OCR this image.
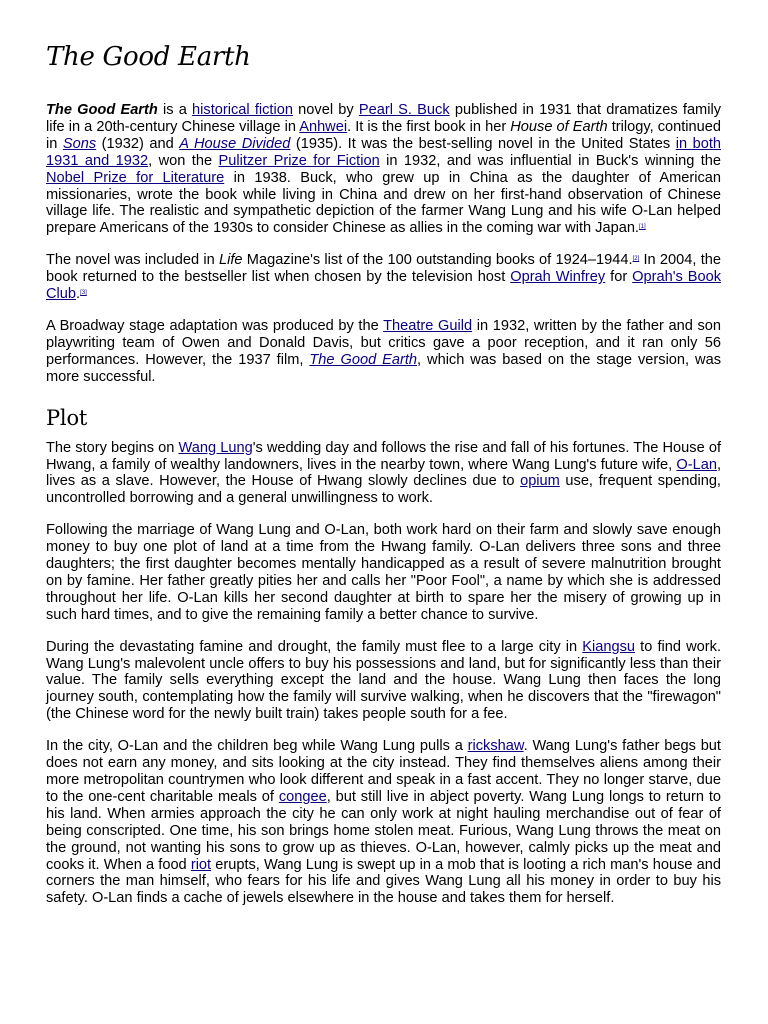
The Good Earth

The Good Earth is a historical fiction novel by Pearl S. Buck published in 1931 that dramatizes family life in a 20th-century Chinese village in Anhwei. It is the first book in her House of Earth trilogy, continued in Sons (1932) and A House Divided (1935). It was the best-selling novel in the United States in both 1931 and 1932, won the Pulitzer Prize for Fiction in 1932, and was influential in Buck's winning the Nobel Prize for Literature in 1938. Buck, who grew up in China as the daughter of American missionaries, wrote the book while living in China and drew on her first-hand observation of Chinese village life. The realistic and sympathetic depiction of the farmer Wang Lung and his wife O-Lan helped prepare Americans of the 1930s to consider Chinese as allies in the coming war with Japan.[1]

The novel was included in Life Magazine's list of the 100 outstanding books of 1924–1944.[2] In 2004, the book returned to the bestseller list when chosen by the television host Oprah Winfrey for Oprah's Book Club.[3]

A Broadway stage adaptation was produced by the Theatre Guild in 1932, written by the father and son playwriting team of Owen and Donald Davis, but critics gave a poor reception, and it ran only 56 performances. However, the 1937 film, The Good Earth, which was based on the stage version, was more successful.

Plot

The story begins on Wang Lung's wedding day and follows the rise and fall of his fortunes. The House of Hwang, a family of wealthy landowners, lives in the nearby town, where Wang Lung's future wife, O-Lan, lives as a slave. However, the House of Hwang slowly declines due to opium use, frequent spending, uncontrolled borrowing and a general unwillingness to work.

Following the marriage of Wang Lung and O-Lan, both work hard on their farm and slowly save enough money to buy one plot of land at a time from the Hwang family. O-Lan delivers three sons and three daughters; the first daughter becomes mentally handicapped as a result of severe malnutrition brought on by famine. Her father greatly pities her and calls her "Poor Fool", a name by which she is addressed throughout her life. O-Lan kills her second daughter at birth to spare her the misery of growing up in such hard times, and to give the remaining family a better chance to survive.

During the devastating famine and drought, the family must flee to a large city in Kiangsu to find work. Wang Lung's malevolent uncle offers to buy his possessions and land, but for significantly less than their value. The family sells everything except the land and the house. Wang Lung then faces the long journey south, contemplating how the family will survive walking, when he discovers that the "firewagon" (the Chinese word for the newly built train) takes people south for a fee.

In the city, O-Lan and the children beg while Wang Lung pulls a rickshaw. Wang Lung's father begs but does not earn any money, and sits looking at the city instead. They find themselves aliens among their more metropolitan countrymen who look different and speak in a fast accent. They no longer starve, due to the one-cent charitable meals of congee, but still live in abject poverty. Wang Lung longs to return to his land. When armies approach the city he can only work at night hauling merchandise out of fear of being conscripted. One time, his son brings home stolen meat. Furious, Wang Lung throws the meat on the ground, not wanting his sons to grow up as thieves. O-Lan, however, calmly picks up the meat and cooks it. When a food riot erupts, Wang Lung is swept up in a mob that is looting a rich man's house and corners the man himself, who fears for his life and gives Wang Lung all his money in order to buy his safety. O-Lan finds a cache of jewels elsewhere in the house and takes them for herself.
